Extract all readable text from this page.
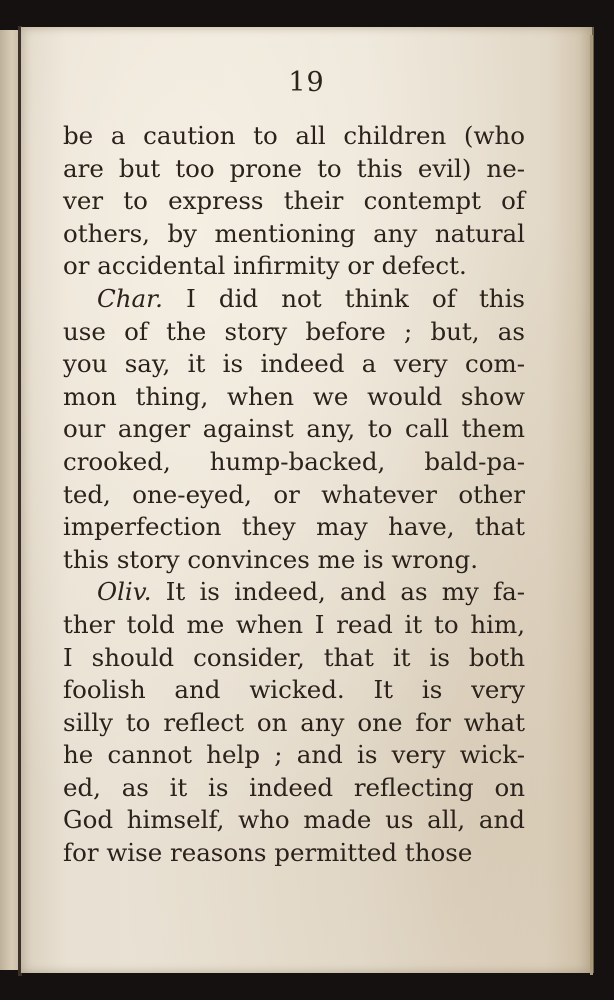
19
be a caution to all children (who
are but too prone to this evil) ne-
ver to express their contempt of
others, by mentioning any natural
or accidental infirmity or defect.
Char. I did not think of this
use of the story before ; but, as
you say, it is indeed a very com-
mon thing, when we would show
our anger against any, to call them
crooked, hump-backed, bald-pa-
ted, one-eyed, or whatever other
imperfection they may have, that
this story convinces me is wrong.
Oliv. It is indeed, and as my fa-
ther told me when I read it to him,
I should consider, that it is both
foolish and wicked. It is very
silly to reflect on any one for what
he cannot help ; and is very wick-
ed, as it is indeed reflecting on
God himself, who made us all, and
for wise reasons permitted those
